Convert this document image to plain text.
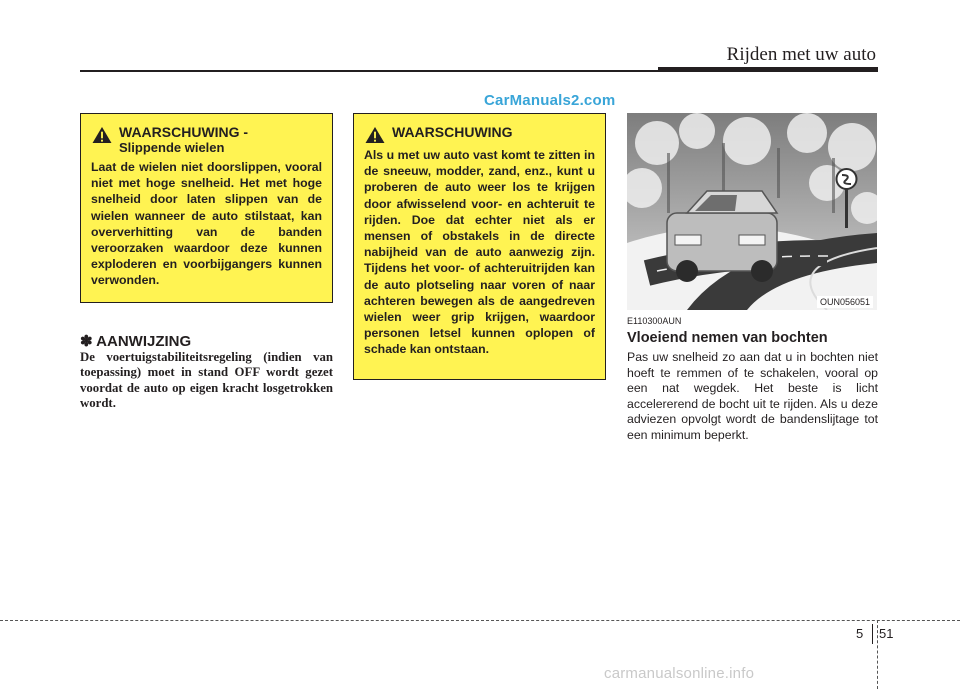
Rijden met uw auto
CarManuals2.com
WAARSCHUWING -
Slippende wielen
Laat de wielen niet doorslippen, vooral niet met hoge snelheid. Het met hoge snelheid door laten slippen van de wielen wanneer de auto stilstaat, kan oververhitting van de banden veroorzaken waardoor deze kunnen exploderen en voorbijgangers kunnen verwonden.
WAARSCHUWING
Als u met uw auto vast komt te zitten in de sneeuw, modder, zand, enz., kunt u proberen de auto weer los te krijgen door afwisselend voor- en achteruit te rijden. Doe dat echter niet als er mensen of obstakels in de directe nabijheid van de auto aanwezig zijn. Tijdens het voor- of achteruitrijden kan de auto plotseling naar voren of naar achteren bewegen als de aangedreven wielen weer grip krijgen, waardoor personen letsel kunnen oplopen of schade kan ontstaan.
✽ AANWIJZING
De voertuigstabiliteitsregeling (indien van toepassing) moet in stand OFF wordt gezet voordat de auto op eigen kracht losgetrokken wordt.
OUN056051
E110300AUN
Vloeiend nemen van bochten
Pas uw snelheid zo aan dat u in bochten niet hoeft te remmen of te schakelen, vooral op een nat wegdek. Het beste is licht accelererend de bocht uit te rijden. Als u deze adviezen opvolgt wordt de bandenslijtage tot een minimum beperkt.
5 51
carmanualsonline.info
